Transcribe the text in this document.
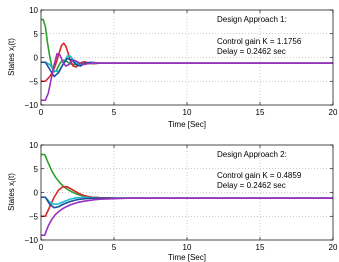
0	5	10	15	20
10
5
0
−5
−10
Design Approach 1:
Control gain K = 1.1756
Delay = 0.2462 sec
Time [Sec]
States $x_i(t)$
0	5	10	15	20
10
5
0
−5
−10
Design Approach 2:
Control gain K = 0.4859
Delay = 0.2462 sec
Time [Sec]
States $x_i(t)$
